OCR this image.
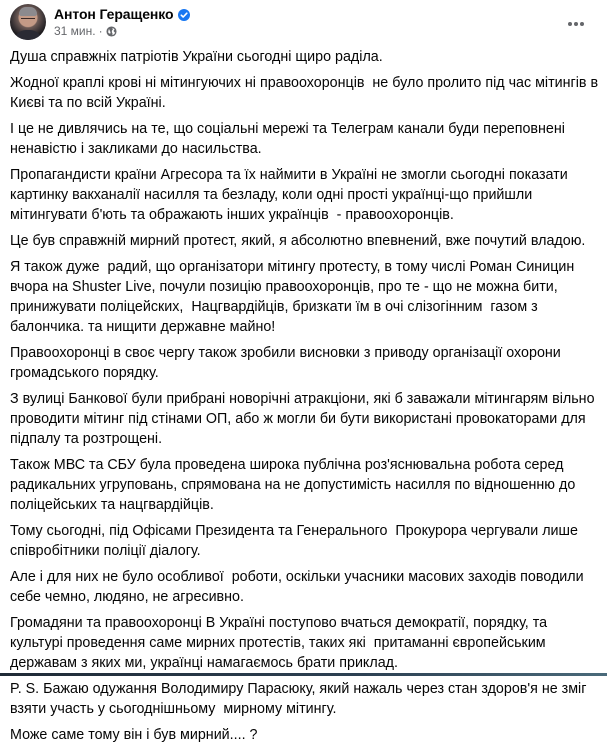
Антон Геращенко
31 мин. ·

Душа справжніх патріотів України сьогодні щиро раділа.

Жодної краплі крові ні мітингуючих ні правоохоронців  не було пролито під час мітингів в Києві та по всій Україні.

І це не дивлячись на те, що соціальні мережі та Телеграм канали буди переповнені ненавістю і закликами до насильства.

Пропагандисти країни Агресора та їх наймити в Україні не змогли сьогодні показати картинку вакханалії насилля та безладу, коли одні прості українці-що прийшли мітингувати б'ють та ображають інших українців  - правоохоронців.

Це був справжній мирний протест, який, я абсолютно впевнений, вже почутий владою.

Я також дуже  радий, що організатори мітингу протесту, в тому числі Роман Синицин вчора на Shuster Live, почули позицію правоохоронців, про те - що не можна бити, принижувати поліцейских,  Нацгвардійців, бризкати їм в очі слізогінним  газом з балончика. та нищити державне майно!

Правоохоронці в своє чергу також зробили висновки з приводу організації охорони громадського порядку.

З вулиці Банкової були прибрані новорічні атракціони, які б заважали мітингарям вільно проводити мітинг під стінами ОП, або ж могли би бути використані провокаторами для підпалу та розтрощені.

Також МВС та СБУ була проведена широка публічна роз'яснювальна робота серед радикальних угруповань, спрямована на не допустимість насилля по відношенню до поліцейських та нацгвардійців.

Тому сьогодні, під Офісами Президента та Генерального  Прокурора чергували лише співробітники поліції діалогу.

Але і для них не було особливої  роботи, оскільки учасники масових заходів поводили себе чемно, людяно, не агресивно.

Громадяни та правоохоронці В Україні поступово вчаться демократії, порядку, та культурі проведення саме мирних протестів, таких які  притаманні європейським державам з яких ми, українці намагаємось брати приклад.

P. S. Бажаю одужання Володимиру Парасюку, який нажаль через стан здоров'я не зміг взяти участь у сьогоднішньому  мирному мітингу.

Може саме тому він і був мирний.... ?
